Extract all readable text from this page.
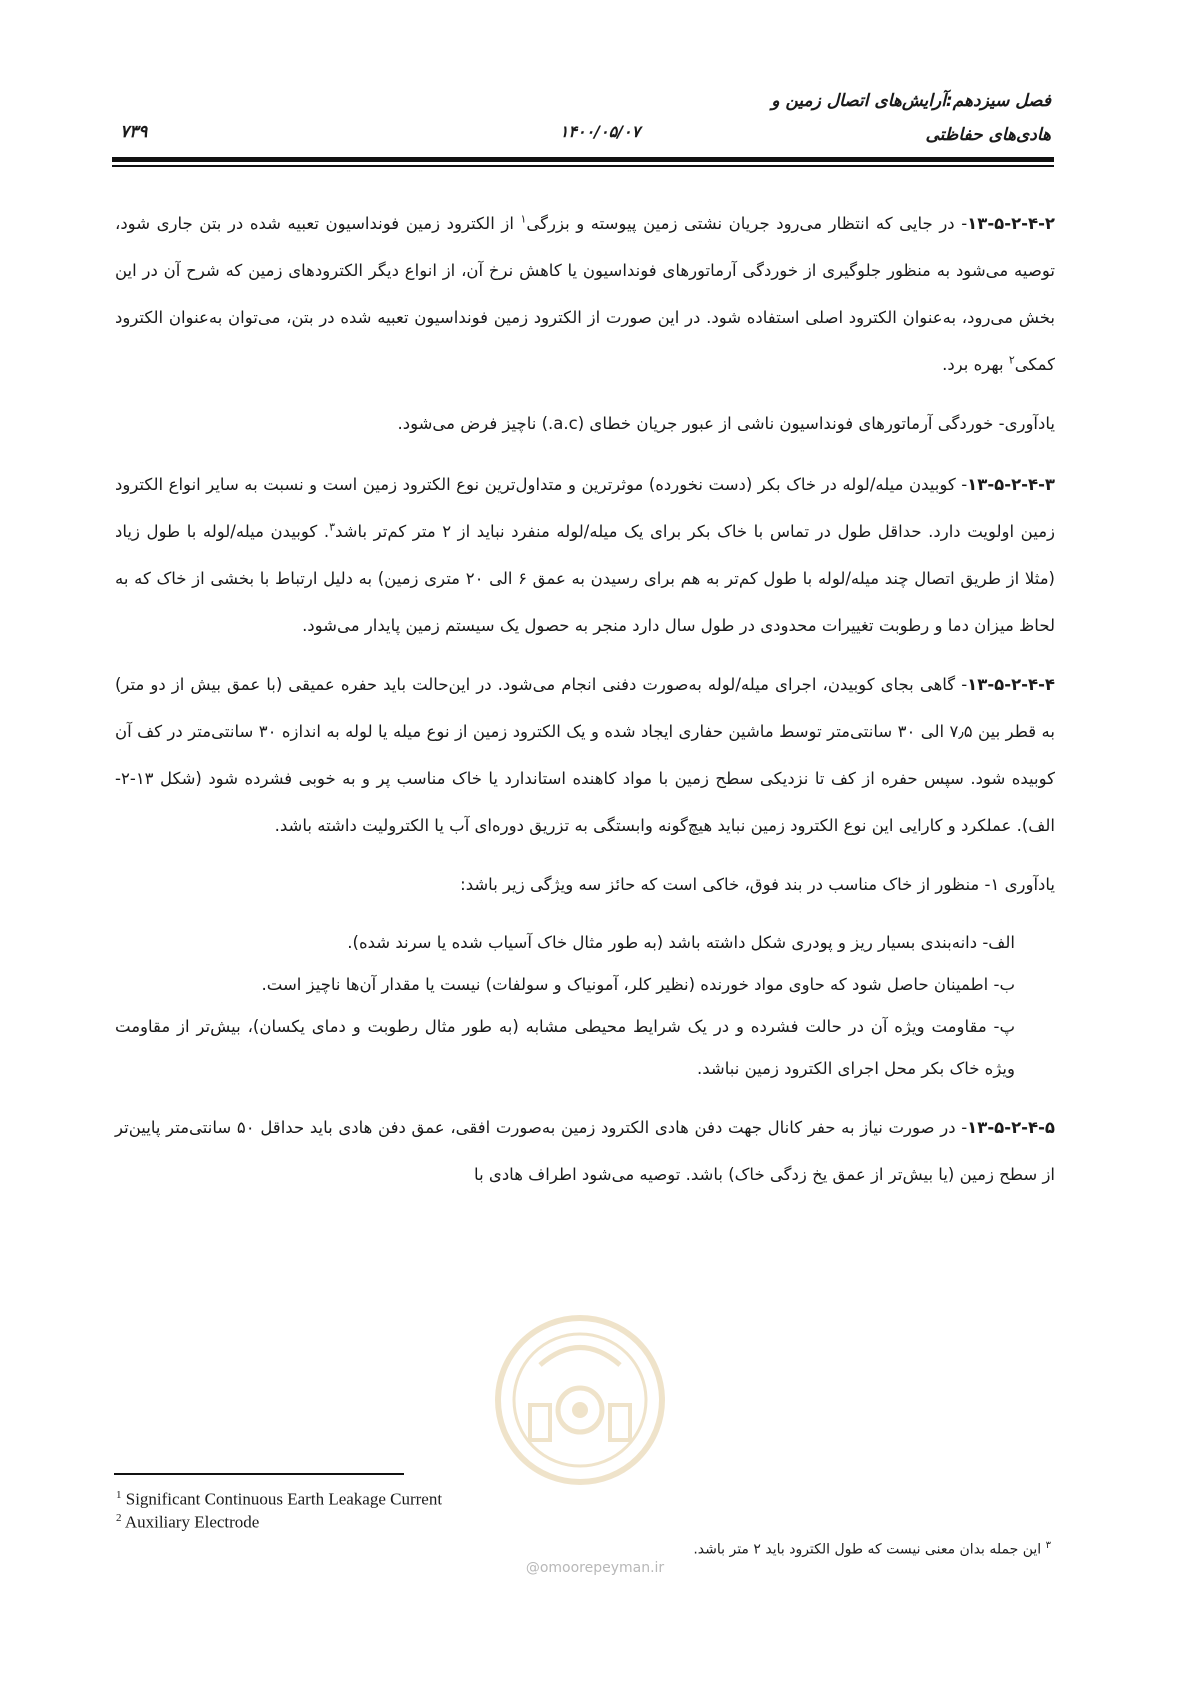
فصل سیزدهم:آرایش‌های اتصال زمین و
هادی‌های حفاظتی
۱۴۰۰/۰۵/۰۷
۷۳۹

۱۳-۵-۲-۴-۲- در جایی که انتظار می‌رود جریان نشتی زمین پیوسته و بزرگی$^۱$ از الکترود زمین فونداسیون تعبیه شده در بتن جاری شود، توصیه می‌شود به منظور جلوگیری از خوردگی آرماتورهای فونداسیون یا کاهش نرخ آن، از انواع دیگر الکترودهای زمین که شرح آن در این بخش می‌رود، به‌عنوان الکترود اصلی استفاده شود. در این صورت از الکترود زمین فونداسیون تعبیه شده در بتن، می‌توان به‌عنوان الکترود کمکی$^۲$ بهره برد.

یادآوری- خوردگی آرماتورهای فونداسیون ناشی از عبور جریان خطای (a.c.) ناچیز فرض می‌شود.

۱۳-۵-۲-۴-۳- کوبیدن میله/لوله در خاک بکر (دست نخورده) موثرترین و متداول‌ترین نوع الکترود زمین است و نسبت به سایر انواع الکترود زمین اولویت دارد. حداقل طول در تماس با خاک بکر برای یک میله/لوله منفرد نباید از ۲ متر کم‌تر باشد$^۳$. کوبیدن میله/لوله با طول زیاد (مثلا از طریق اتصال چند میله/لوله با طول کم‌تر به هم برای رسیدن به عمق ۶ الی ۲۰ متری زمین) به دلیل ارتباط با بخشی از خاک که به لحاظ میزان دما و رطوبت تغییرات محدودی در طول سال دارد منجر به حصول یک سیستم زمین پایدار می‌شود.

۱۳-۵-۲-۴-۴- گاهی بجای کوبیدن، اجرای میله/لوله به‌صورت دفنی انجام می‌شود. در این‌حالت باید حفره عمیقی (با عمق بیش از دو متر) به قطر بین ۷٫۵ الی ۳۰ سانتی‌متر توسط ماشین حفاری ایجاد شده و یک الکترود زمین از نوع میله یا لوله به اندازه ۳۰ سانتی‌متر در کف آن کوبیده شود. سپس حفره از کف تا نزدیکی سطح زمین با مواد کاهنده استاندارد یا خاک مناسب پر و به خوبی فشرده شود (شکل ۱۳-۲-الف). عملکرد و کارایی این نوع الکترود زمین نباید هیچ‌گونه وابستگی به تزریق دوره‌ای آب یا الکترولیت داشته باشد.

یادآوری ۱- منظور از خاک مناسب در بند فوق، خاکی است که حائز سه ویژگی زیر باشد:

الف- دانه‌بندی بسیار ریز و پودری شکل داشته باشد (به طور مثال خاک آسیاب شده یا سرند شده).
ب- اطمینان حاصل شود که حاوی مواد خورنده (نظیر کلر، آمونیاک و سولفات) نیست یا مقدار آن‌ها ناچیز است.
پ- مقاومت ویژه آن در حالت فشرده و در یک شرایط محیطی مشابه (به طور مثال رطوبت و دمای یکسان)، بیش‌تر از مقاومت ویژه خاک بکر محل اجرای الکترود زمین نباشد.

۱۳-۵-۲-۴-۵- در صورت نیاز به حفر کانال جهت دفن هادی الکترود زمین به‌صورت افقی، عمق دفن هادی باید حداقل ۵۰ سانتی‌متر پایین‌تر از سطح زمین (یا بیش‌تر از عمق یخ زدگی خاک) باشد. توصیه می‌شود اطراف هادی با

@omoorepeyman.ir
$^1$ Significant Continuous Earth Leakage Current
$^2$ Auxiliary Electrode
$^۳$ این جمله بدان معنی نیست که طول الکترود باید ۲ متر باشد.
